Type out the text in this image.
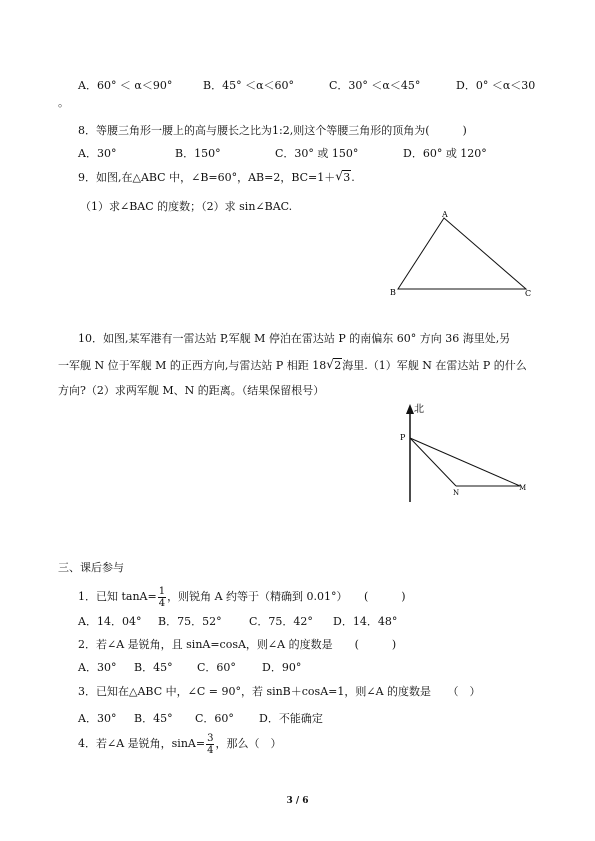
A．60° ＜ α＜90°	B．45° ＜α＜60°	C．30° ＜α＜45°	D．0° ＜α＜30
。
8．等腰三角形一腰上的高与腰长之比为1:2,则这个等腰三角形的顶角为(　　　)
A．30°	B．150°	C．30° 或 150°	D．60° 或 120°
9．如图,在△ABC 中，∠B=60°，AB=2，BC=1＋ √ 3.
（1）求∠BAC 的度数；（2）求 sin∠BAC.
A
B	C
10．如图,某军港有一雷达站 P,军舰 M 停泊在雷达站 P 的南偏东 60° 方向 36 海里处,另
一军舰 N 位于军舰 M 的正西方向,与雷达站 P 相距 18 √ 2海里.（1）军舰 N 在雷达站 P 的什么
方向?（2）求两军舰 M、N 的距离。（结果保留根号）
北
P
N
M
三、课后参与
1．已知 $\tan A= \frac{1}{4}$ ，则锐角 A 约等于（精确到 0.01°）　　(　　　)
A．14．04° B．75．52° C．75．42° D．14．48°
2．若∠A 是锐角，且 sinA=cosA，则∠A 的度数是　　(　　　)
A．30° B．45° C．60° D．90°
3．已知在△ABC 中，∠C = 90°，若 sinB＋cosA=1，则∠A 的度数是　　（　）
A．30° B．45° C．60° D．不能确定
4．若∠A 是锐角，$\sin A= \frac{3}{4}$ ，那么（　）
3 / 6
